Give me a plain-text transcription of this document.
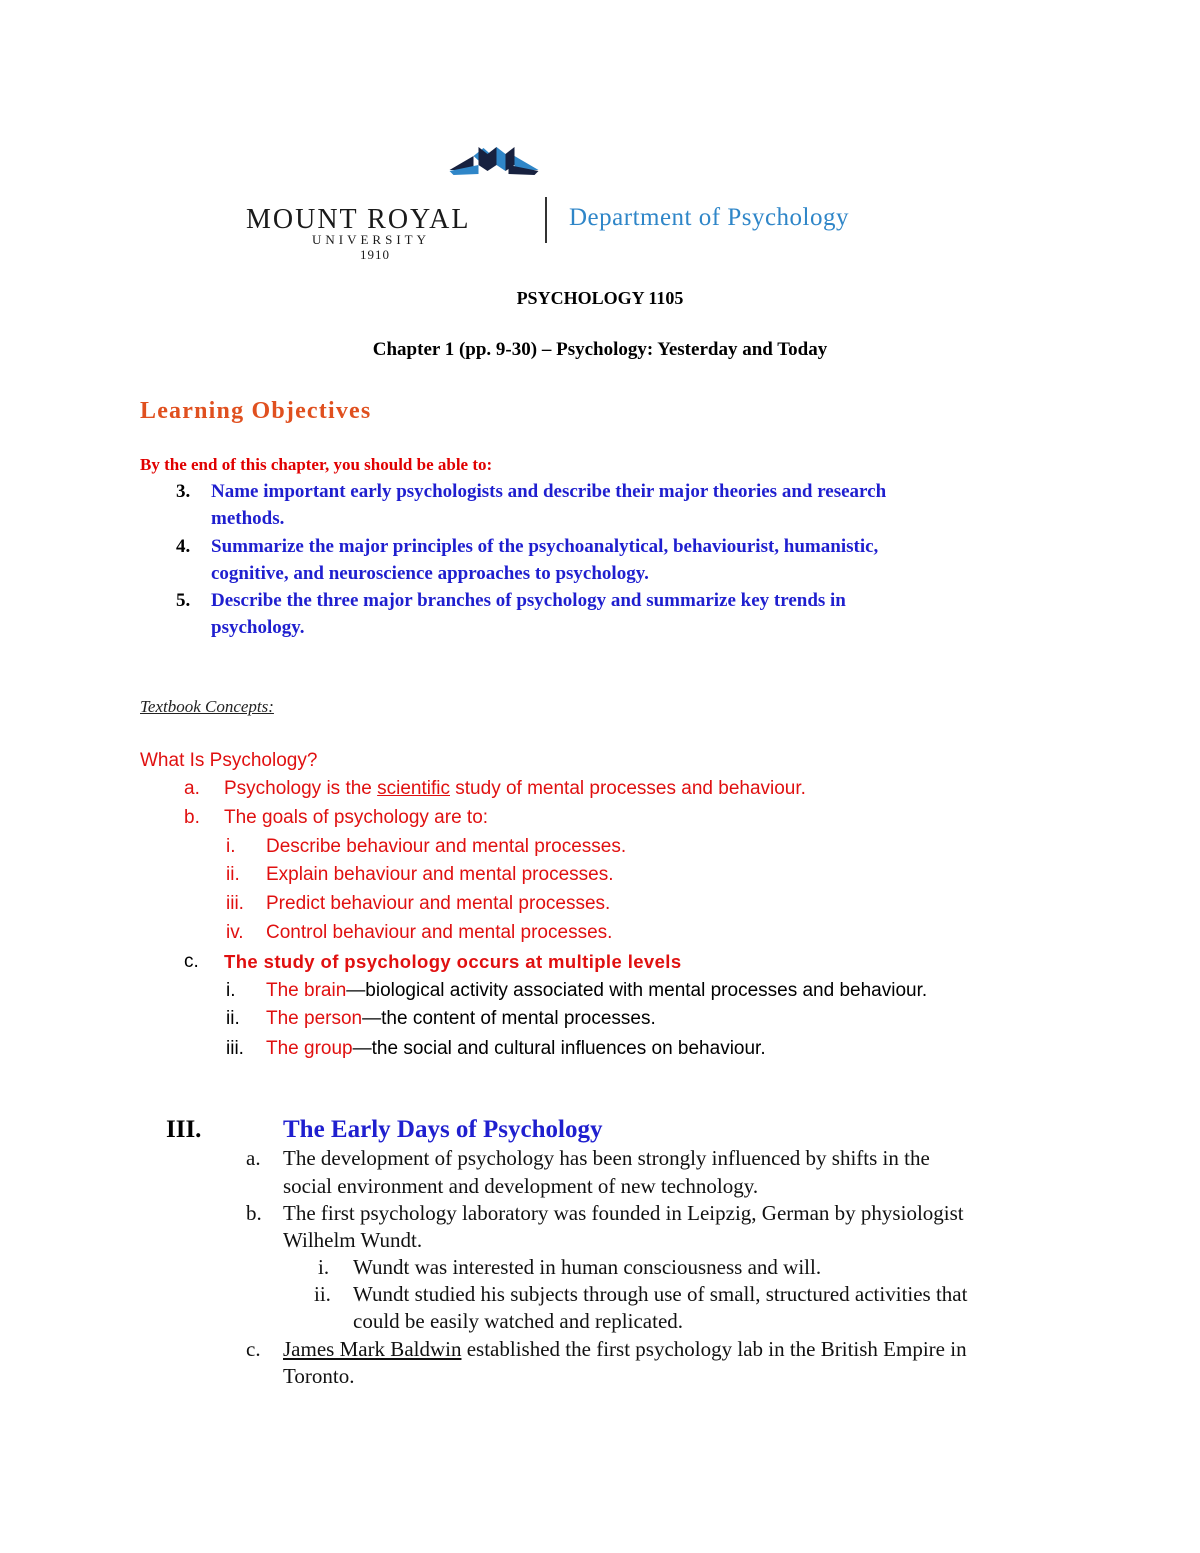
MOUNT ROYAL
UNIVERSITY
1910
Department of Psychology
PSYCHOLOGY 1105
Chapter 1 (pp. 9-30) – Psychology: Yesterday and Today
Learning Objectives
By the end of this chapter, you should be able to:
3. Name important early psychologists and describe their major theories and research
methods.
4. Summarize the major principles of the psychoanalytical, behaviourist, humanistic,
cognitive, and neuroscience approaches to psychology.
5. Describe the three major branches of psychology and summarize key trends in
psychology.
Textbook Concepts:
What Is Psychology?
a. Psychology is the scientific study of mental processes and behaviour.
b. The goals of psychology are to:
i. Describe behaviour and mental processes.
ii. Explain behaviour and mental processes.
iii. Predict behaviour and mental processes.
iv. Control behaviour and mental processes.
c. The study of psychology occurs at multiple levels
i. The brain—biological activity associated with mental processes and behaviour.
ii. The person—the content of mental processes.
iii. The group—the social and cultural influences on behaviour.
III.	The Early Days of Psychology
a. The development of psychology has been strongly influenced by shifts in the
social environment and development of new technology.
b. The first psychology laboratory was founded in Leipzig, German by physiologist
Wilhelm Wundt.
i. Wundt was interested in human consciousness and will.
ii. Wundt studied his subjects through use of small, structured activities that
could be easily watched and replicated.
c. James Mark Baldwin established the first psychology lab in the British Empire in
Toronto.
